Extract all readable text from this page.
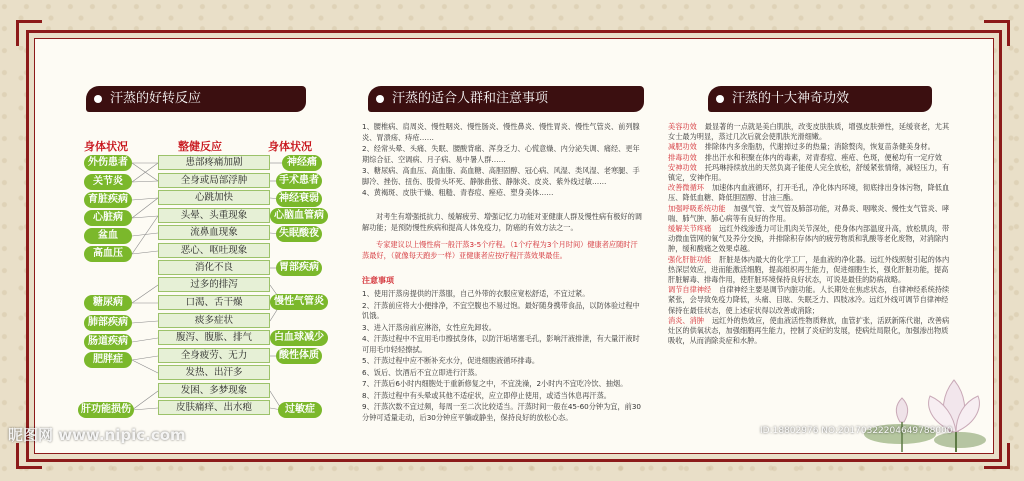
汗蒸的好转反应	汗蒸的适合人群和注意事项	汗蒸的十大神奇功效
身体状况	整健反应	身体状况
外伤患者
关节炎
育脏疾病
心脏病
盆血
高血压
糖尿病
肺部疾病
肠道疾病
肥胖症
肝功能损伤
患部疼痛加剧
全身或局部浮肿
心跳加快
头晕、头重现象
流鼻血现象
恶心、呕吐现象
消化不良
过多的排泻
口渴、舌干燥
痰多症状
腹泻、腹胀、排气
全身疲劳、无力
发热、出汗多
发困、多梦现象
皮肤痛痒、出水疱
神经痛
手术患者
神经衰弱
心脑血管病
失眠酸夜
胃部疾病
慢性气管炎
白血球减少
酸性体质
过敏症

1、腰椎病、肩周炎、慢性咽炎、慢性肠炎、慢性鼻炎、慢性胃炎、慢性气管炎、前列腺炎、胃溃疡、痔疮……

2、经常头晕、头痛、失眠、腰酸背痛、浑身乏力、心慌意燥、内分泌失调、痛经、更年期综合征、空调病、月子病、易中暑人群……

3、糖尿病、高血压、高血脂、高血糖、高胆固醇、冠心病、风湿、类风湿、老寒腿、手脚冷、挫伤、扭伤、股骨头坏死、静脉曲张、静脉炎、皮炎、紫外线过敏……

4、黄褐斑、皮肤干燥、粗糙、青春痘、痤疮、塑身美体……

对考生有增强抵抗力、缓解疲劳、增强记忆力功能对亚健康人群及慢性病有极好的调解功能；是预防慢性疾病和提高人体免疫力，防癌的有效方法之一。
专家建议以上慢性病一般汗蒸3-5个疗程。（1个疗程为3个月时间）健康者应随时汗蒸最好，（就像每天跑步一样）亚健康者应按疗程汗蒸效果最佳。
注意事项

1、使用汗蒸房提供的汗蒸服，自己外带的衣服应宽松舒适，不宜过紧。

2、汗蒸前应将大小便排净，不宜空腹也不易过饱。最好随身携带食品，以防体验过程中饥饿。

3、进入汗蒸房前应淋浴，女性应先卸妆。

4、汗蒸过程中不宜用毛巾擦拭身体，以防汗垢堵塞毛孔，影响汗液排泄，有大量汗液时可用毛巾轻轻擦拭。

5、汗蒸过程中应不断补充水分，促进细胞液循环排毒。

6、饭后、饮酒后不宜立即进行汗蒸。

7、汗蒸后6小时内细胞处于重新修复之中，不宜洗澡，2小时内不宜吃冷饮、抽烟。

8、汗蒸过程中有头晕或其他不适症状，应立即停止使用，或适当休息再汗蒸。

9、汗蒸次数不宜过频，每周一至二次比较适当。汗蒸时间一般在45-60分钟为宜，前30分钟可适量走动，后30分钟应平躺或静坐，保持良好的放松心态。

美容功效 最显著的一点就是美白肌肤，改变皮肤肤质，增强皮肤弹性，延缓衰老，尤其女士最为明显，蒸过几次后就会使肌肤光滑细嫩。

减肥功效 排除体内多余脂肪，代谢掉过多的热量；消除赘肉，恢复苗条健美身材。

排毒功效 排出汗水和积聚在体内的毒素，对青春痘、痤疮、色斑，便秘均有一定疗效

安神功效 托玛琳持续放出的天然负离子能使人完全放松，舒缓紧张情绪，减轻压力，有镇定，安神作用。

改善微循环 加速体内血液循环，打开毛孔，净化体内环境，彻底排出身体污物，降低血压、降低血糖、降低胆固醇、甘油三酯。

加强呼吸系统功能 加强气管、支气管及肺部功能，对鼻炎、咽喉炎、慢性支气管炎、哮喘、肺气肿、肺心病等有良好的作用。

缓解关节疼痛 远红外线渗透力可让肌肉关节深处，使身体内部温度升高，放松肌肉，带动微血管网的氧气及养分交换，并排除积存体内的疲劳物质和乳酸等老化废物，对消除内肿，缓和酸痛之效果卓越。

强化肝脏功能 肝脏是体内最大的化学工厂，是血液的净化器。远红外线照射引起的体内热深层效应，进而能激活细胞，提高组织再生能力，促进细胞生长，强化肝脏功能，提高肝脏解毒、排毒作用，使肝脏环境保持良好状态，可说是最佳的防病战略。

调节自律神经 自律神经主要是调节内脏功能。人长期处在焦虑状态，自律神经系统持续紧张，会导致免疫力降低，头痛、目眩、失眠乏力、四肢冰冷。远红外线可调节自律神经保持在最佳状态，使上述症状得以改善或消除；

消炎、消肿 远红外的热效应，使血液活性物质释放，血管扩张，活跃新陈代谢，改善病灶区的供氧状态，加强细胞再生能力，控制了炎症的发展，使病灶局限化，加强渗出物质吸收，从而消除炎症和水肿。

昵图网 www.nipic.com	ID:18802976 NO:20170322204649788000
